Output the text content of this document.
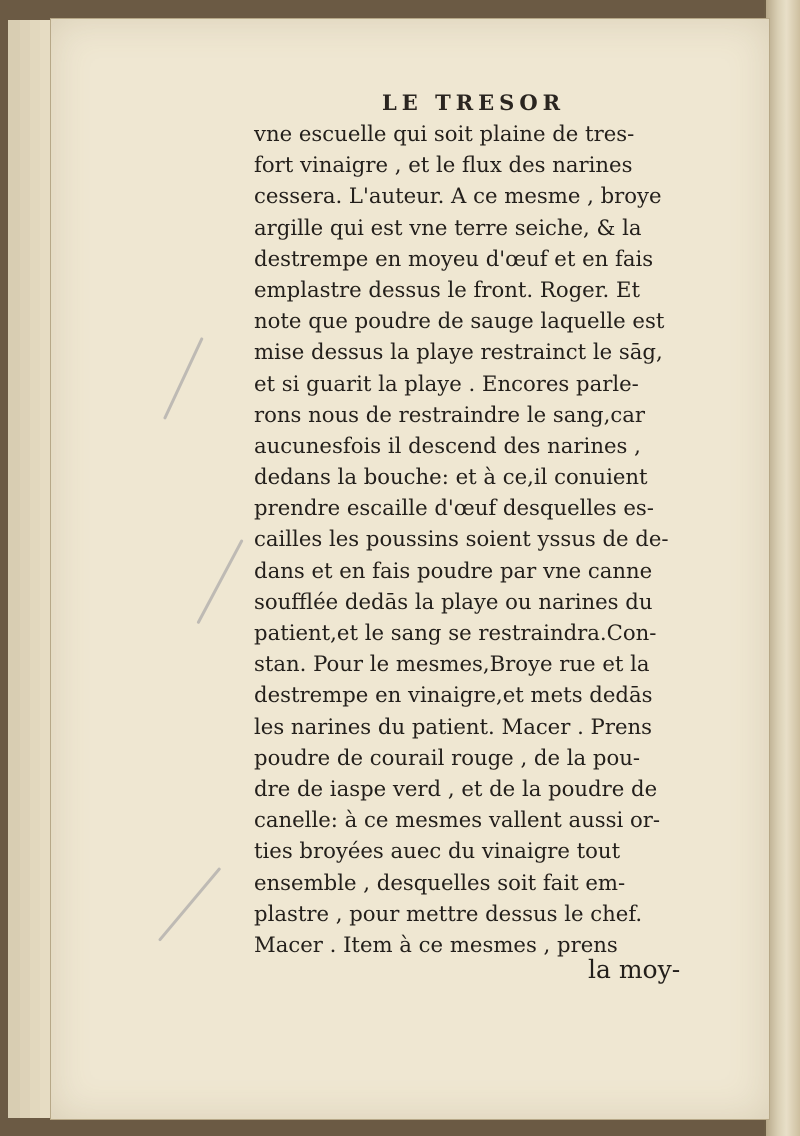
LE TRESOR
vne escuelle qui soit plaine de tres-
fort vinaigre , et le flux des narines
cessera. L'auteur. A ce mesme , broye
argille qui est vne terre seiche, & la
destrempe en moyeu d'œuf et en fais
emplastre dessus le front. Roger. Et
note que poudre de sauge laquelle est
mise dessus la playe restrainct le sāg,
et si guarit la playe . Encores parle-
rons nous de restraindre le sang,car
aucunesfois il descend des narines ,
dedans la bouche: et à ce,il conuient
prendre escaille d'œuf desquelles es-
cailles les poussins soient yssus de de-
dans et en fais poudre par vne canne
soufflée dedās la playe ou narines du
patient,et le sang se restraindra.Con-
stan. Pour le mesmes,Broye rue et la
destrempe en vinaigre,et mets dedās
les narines du patient. Macer . Prens
poudre de courail rouge , de la pou-
dre de iaspe verd , et de la poudre de
canelle: à ce mesmes vallent aussi or-
ties broyées auec du vinaigre tout
ensemble , desquelles soit fait em-
plastre , pour mettre dessus le chef.
Macer . Item à ce mesmes , prens
la moy-
